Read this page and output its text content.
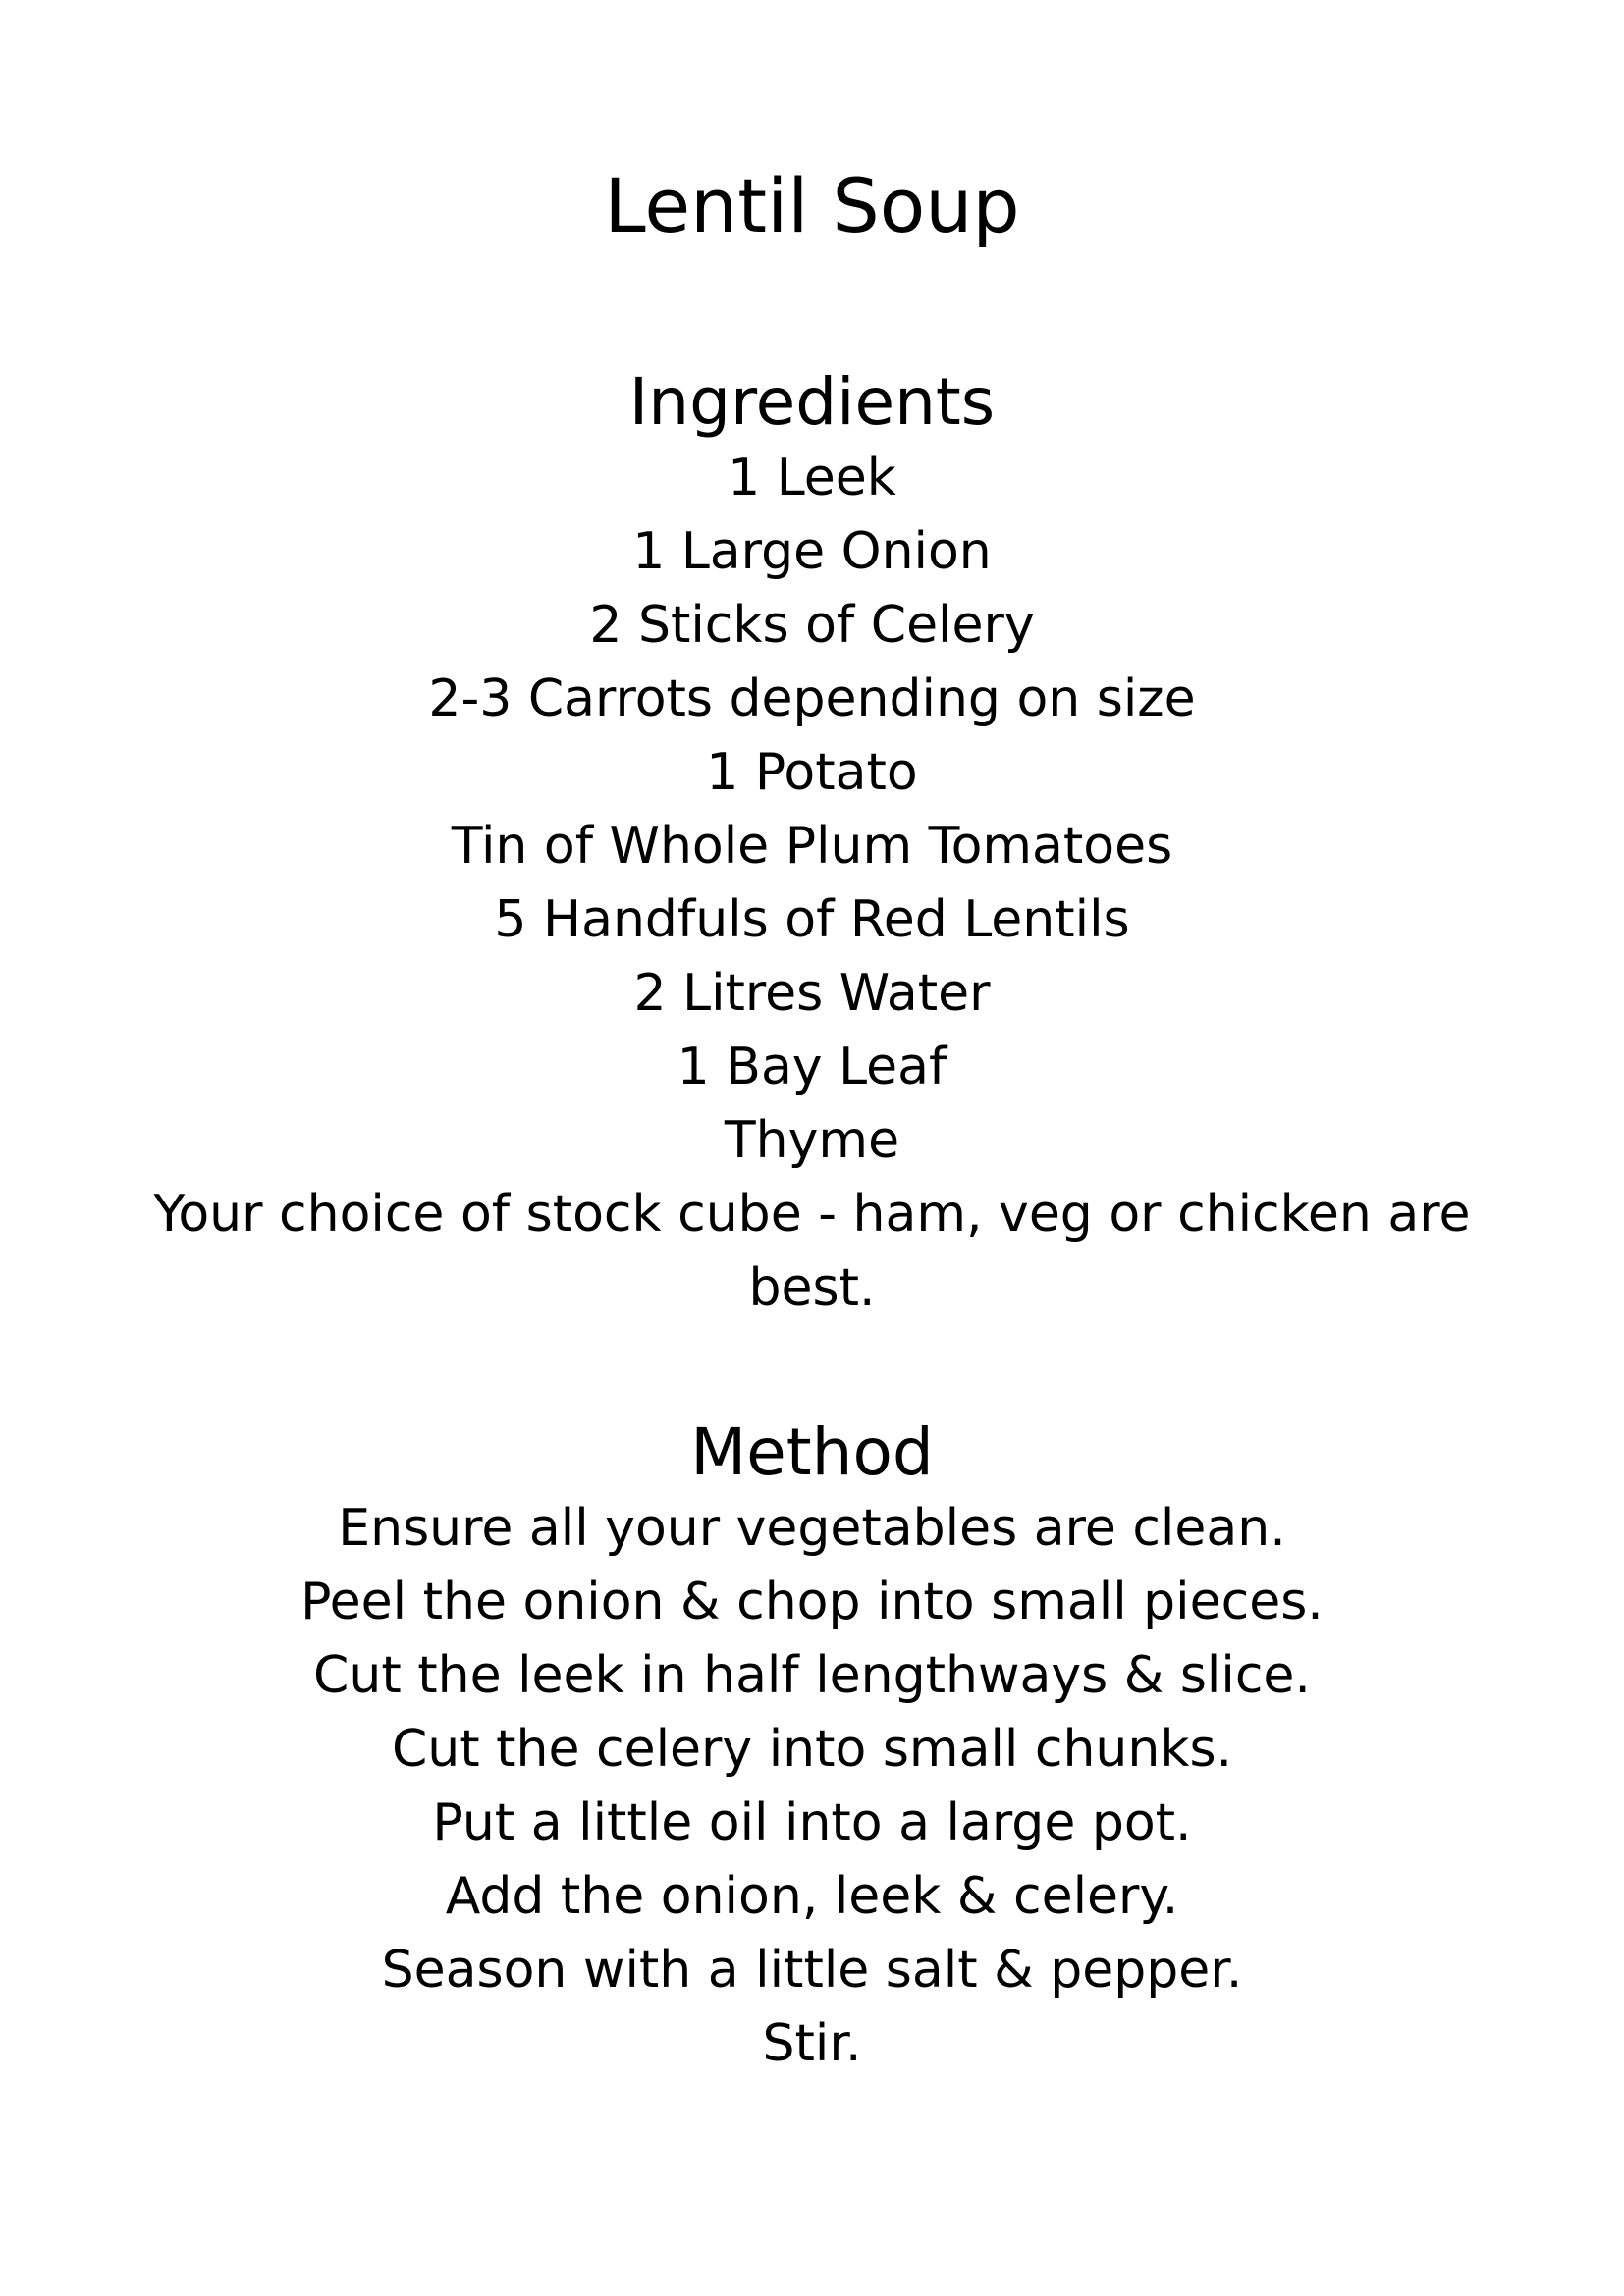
Lentil Soup
Ingredients
1 Leek
1 Large Onion
2 Sticks of Celery
2-3 Carrots depending on size
1 Potato
Tin of Whole Plum Tomatoes
5 Handfuls of Red Lentils
2 Litres Water
1 Bay Leaf
Thyme
Your choice of stock cube - ham, veg or chicken are best.
Method
Ensure all your vegetables are clean.
Peel the onion & chop into small pieces.
Cut the leek in half lengthways & slice.
Cut the celery into small chunks.
Put a little oil into a large pot.
Add the onion, leek & celery.
Season with a little salt & pepper.
Stir.
